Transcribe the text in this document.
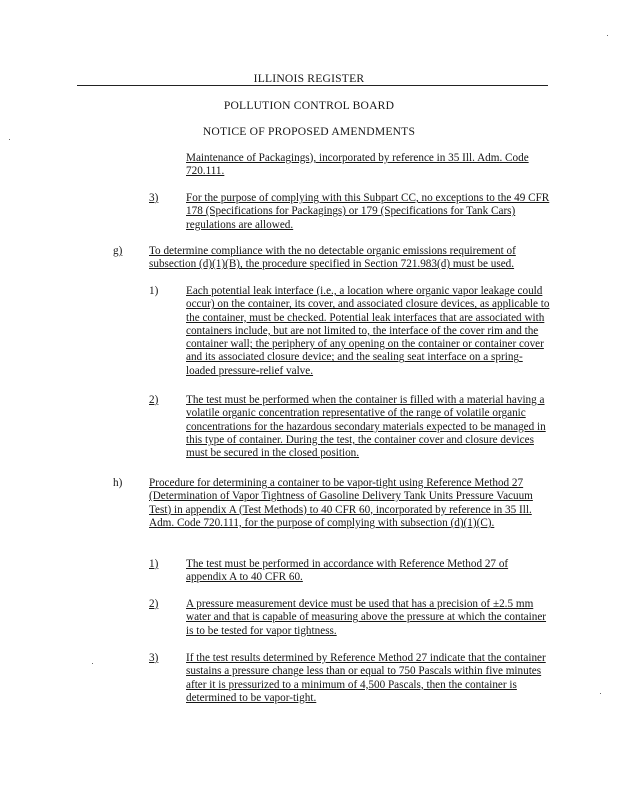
ILLINOIS REGISTER
POLLUTION CONTROL BOARD
NOTICE OF PROPOSED AMENDMENTS
Maintenance of Packagings), incorporated by reference in 35 Ill. Adm. Code 720.111.
3) For the purpose of complying with this Subpart CC, no exceptions to the 49 CFR 178 (Specifications for Packagings) or 179 (Specifications for Tank Cars) regulations are allowed.
g) To determine compliance with the no detectable organic emissions requirement of subsection (d)(1)(B), the procedure specified in Section 721.983(d) must be used.
1) Each potential leak interface (i.e., a location where organic vapor leakage could occur) on the container, its cover, and associated closure devices, as applicable to the container, must be checked. Potential leak interfaces that are associated with containers include, but are not limited to, the interface of the cover rim and the container wall; the periphery of any opening on the container or container cover and its associated closure device; and the sealing seat interface on a spring-loaded pressure-relief valve.
2) The test must be performed when the container is filled with a material having a volatile organic concentration representative of the range of volatile organic concentrations for the hazardous secondary materials expected to be managed in this type of container. During the test, the container cover and closure devices must be secured in the closed position.
h) Procedure for determining a container to be vapor-tight using Reference Method 27 (Determination of Vapor Tightness of Gasoline Delivery Tank Units Pressure Vacuum Test) in appendix A (Test Methods) to 40 CFR 60, incorporated by reference in 35 Ill. Adm. Code 720.111, for the purpose of complying with subsection (d)(1)(C).
1) The test must be performed in accordance with Reference Method 27 of appendix A to 40 CFR 60.
2) A pressure measurement device must be used that has a precision of ±2.5 mm water and that is capable of measuring above the pressure at which the container is to be tested for vapor tightness.
3) If the test results determined by Reference Method 27 indicate that the container sustains a pressure change less than or equal to 750 Pascals within five minutes after it is pressurized to a minimum of 4,500 Pascals, then the container is determined to be vapor-tight.
